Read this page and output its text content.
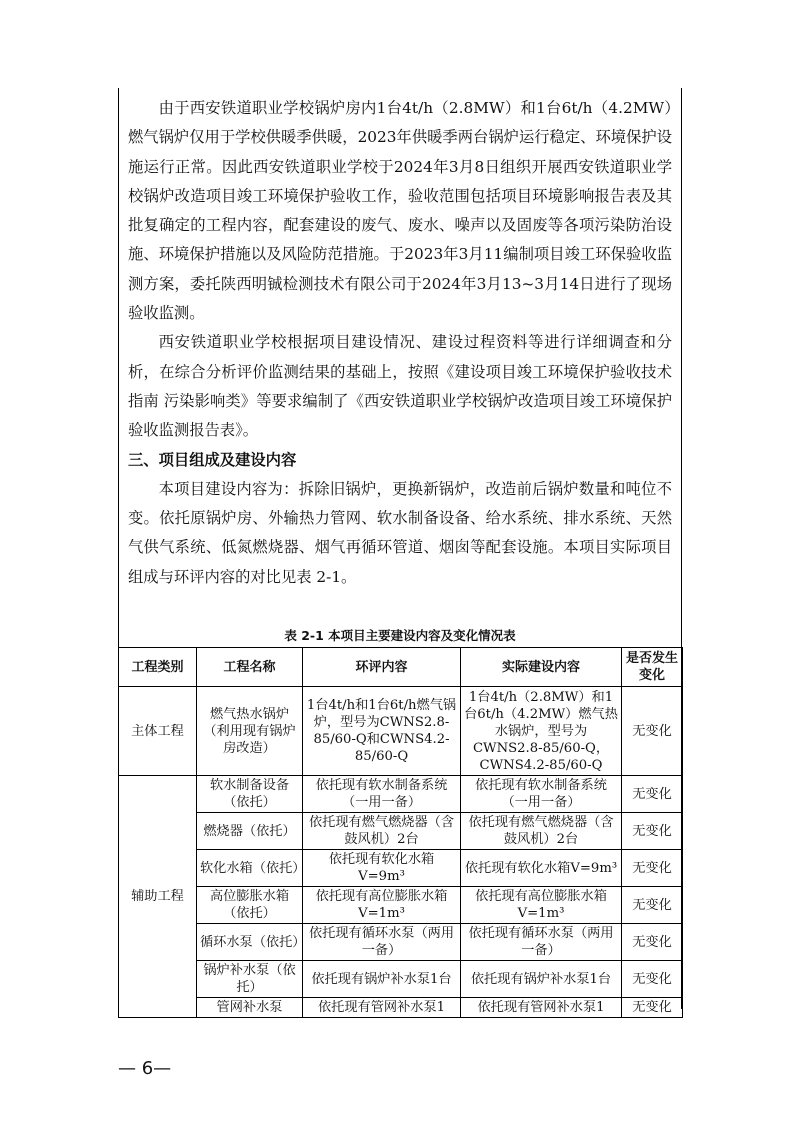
由于西安铁道职业学校锅炉房内1台4t/h（2.8MW）和1台6t/h（4.2MW）燃气锅炉仅用于学校供暖季供暖，2023年供暖季两台锅炉运行稳定、环境保护设施运行正常。因此西安铁道职业学校于2024年3月8日组织开展西安铁道职业学校锅炉改造项目竣工环境保护验收工作，验收范围包括项目环境影响报告表及其批复确定的工程内容，配套建设的废气、废水、噪声以及固废等各项污染防治设施、环境保护措施以及风险防范措施。于2023年3月11编制项目竣工环保验收监测方案，委托陕西明铖检测技术有限公司于2024年3月13~3月14日进行了现场验收监测。

西安铁道职业学校根据项目建设情况、建设过程资料等进行详细调查和分析，在综合分析评价监测结果的基础上，按照《建设项目竣工环境保护验收技术指南 污染影响类》等要求编制了《西安铁道职业学校锅炉改造项目竣工环境保护验收监测报告表》。

三、项目组成及建设内容

本项目建设内容为：拆除旧锅炉，更换新锅炉，改造前后锅炉数量和吨位不变。依托原锅炉房、外输热力管网、软水制备设备、给水系统、排水系统、天然气供气系统、低氮燃烧器、烟气再循环管道、烟囱等配套设施。本项目实际项目组成与环评内容的对比见表 2-1。

表 2-1 本项目主要建设内容及变化情况表
工程类别	工程名称	环评内容	实际建设内容	是否发生变化
主体工程	燃气热水锅炉（利用现有锅炉房改造）	1台4t/h和1台6t/h燃气锅炉，型号为CWNS2.8-85/60-Q和CWNS4.2-85/60-Q	1台4t/h（2.8MW）和1台6t/h（4.2MW）燃气热水锅炉，型号为CWNS2.8-85/60-Q，CWNS4.2-85/60-Q	无变化
辅助工程	软水制备设备（依托）	依托现有软水制备系统（一用一备）	依托现有软水制备系统（一用一备）	无变化
	燃烧器（依托）	依托现有燃气燃烧器（含鼓风机）2台	依托现有燃气燃烧器（含鼓风机）2台	无变化
	软化水箱（依托）	依托现有软化水箱V=9m³	依托现有软化水箱V=9m³	无变化
	高位膨胀水箱（依托）	依托现有高位膨胀水箱V=1m³	依托现有高位膨胀水箱V=1m³	无变化
	循环水泵（依托）	依托现有循环水泵（两用一备）	依托现有循环水泵（两用一备）	无变化
	锅炉补水泵（依托）	依托现有锅炉补水泵1台	依托现有锅炉补水泵1台	无变化
	管网补水泵	依托现有管网补水泵1	依托现有管网补水泵1	无变化
— 6—
